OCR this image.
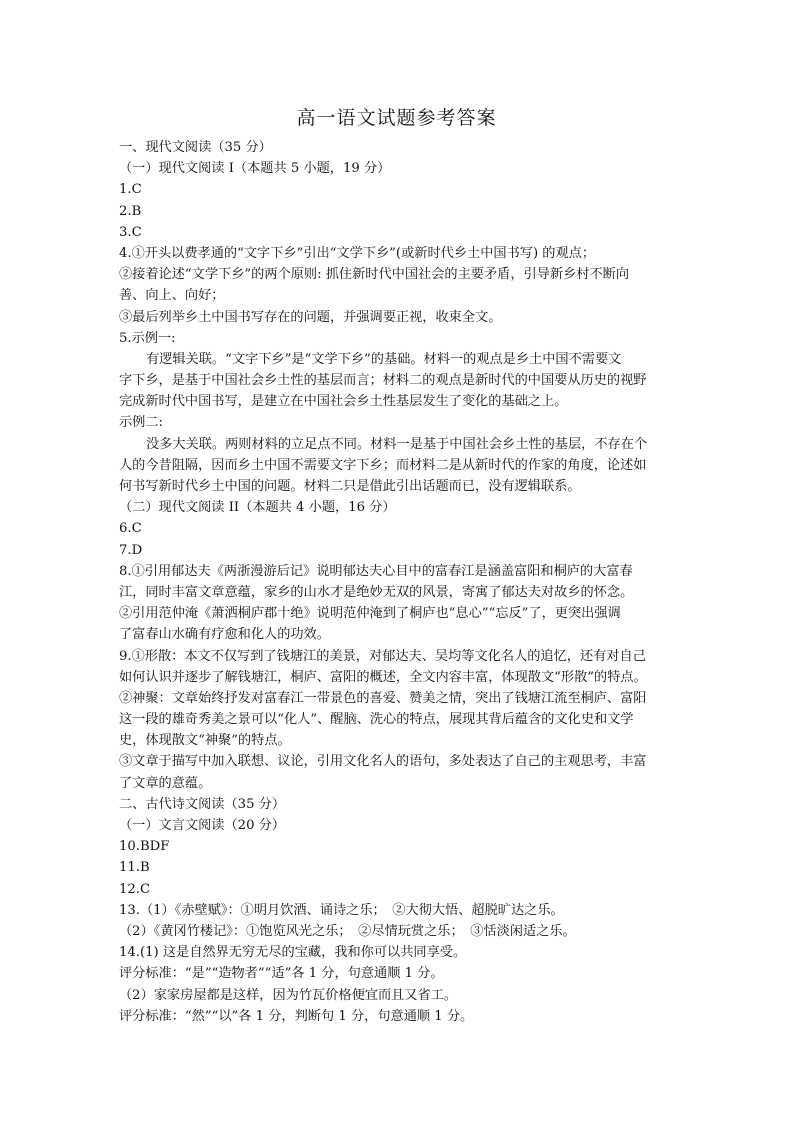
高一语文试题参考答案
一、现代文阅读（35 分）
（一）现代文阅读 I（本题共 5 小题，19 分）
1.C
2.B
3.C
4.①开头以费孝通的“文字下乡”引出“文学下乡”(或新时代乡土中国书写) 的观点；
②接着论述“文学下乡”的两个原则: 抓住新时代中国社会的主要矛盾，引导新乡村不断向
善、向上、向好；
③最后列举乡土中国书写存在的问题，并强调要正视，收束全文。
5.示例一:
有逻辑关联。“文字下乡”是“文学下乡”的基础。材料一的观点是乡土中国不需要文
字下乡，是基于中国社会乡土性的基层而言；材料二的观点是新时代的中国要从历史的视野
完成新时代中国书写，是建立在中国社会乡土性基层发生了变化的基础之上。
示例二:
没多大关联。两则材料的立足点不同。材料一是基于中国社会乡土性的基层，不存在个
人的今昔阻隔，因而乡土中国不需要文字下乡；而材料二是从新时代的作家的角度，论述如
何书写新时代乡土中国的问题。材料二只是借此引出话题而已，没有逻辑联系。
（二）现代文阅读 II（本题共 4 小题，16 分）
6.C
7.D
8.①引用郁达夫《两浙漫游后记》说明郁达夫心目中的富春江是涵盖富阳和桐庐的大富春
江，同时丰富文章意蕴，家乡的山水才是绝妙无双的风景，寄寓了郁达夫对故乡的怀念。
②引用范仲淹《萧洒桐庐郡十绝》说明范仲淹到了桐庐也“息心”“忘反”了，更突出强调
了富春山水确有疗愈和化人的功效。
9.①形散：本文不仅写到了钱塘江的美景，对郁达夫、吴均等文化名人的追忆，还有对自己
如何认识并逐步了解钱塘江，桐庐、富阳的概述，全文内容丰富，体现散文“形散”的特点。
②神聚：文章始终抒发对富春江一带景色的喜爱、赞美之情，突出了钱塘江流至桐庐、富阳
这一段的雄奇秀美之景可以“化人”、醒脑、洗心的特点，展现其背后蕴含的文化史和文学
史，体现散文“神聚”的特点。
③文章于描写中加入联想、议论，引用文化名人的语句，多处表达了自己的主观思考，丰富
了文章的意蕴。
二、古代诗文阅读（35 分）
（一）文言文阅读（20 分）
10.BDF
11.B
12.C
13.（1）《赤壁赋》：①明月饮酒、诵诗之乐；　②大彻大悟、超脱旷达之乐。
（2）《黄冈竹楼记》：①饱览风光之乐；　②尽情玩赏之乐；　③恬淡闲适之乐。
14.(1) 这是自然界无穷无尽的宝藏，我和你可以共同享受。
评分标准：“是”“造物者”“适”各 1 分，句意通顺 1 分。
（2）家家房屋都是这样，因为竹瓦价格便宜而且又省工。
评分标准：“然”“以”各 1 分，判断句 1 分，句意通顺 1 分。
